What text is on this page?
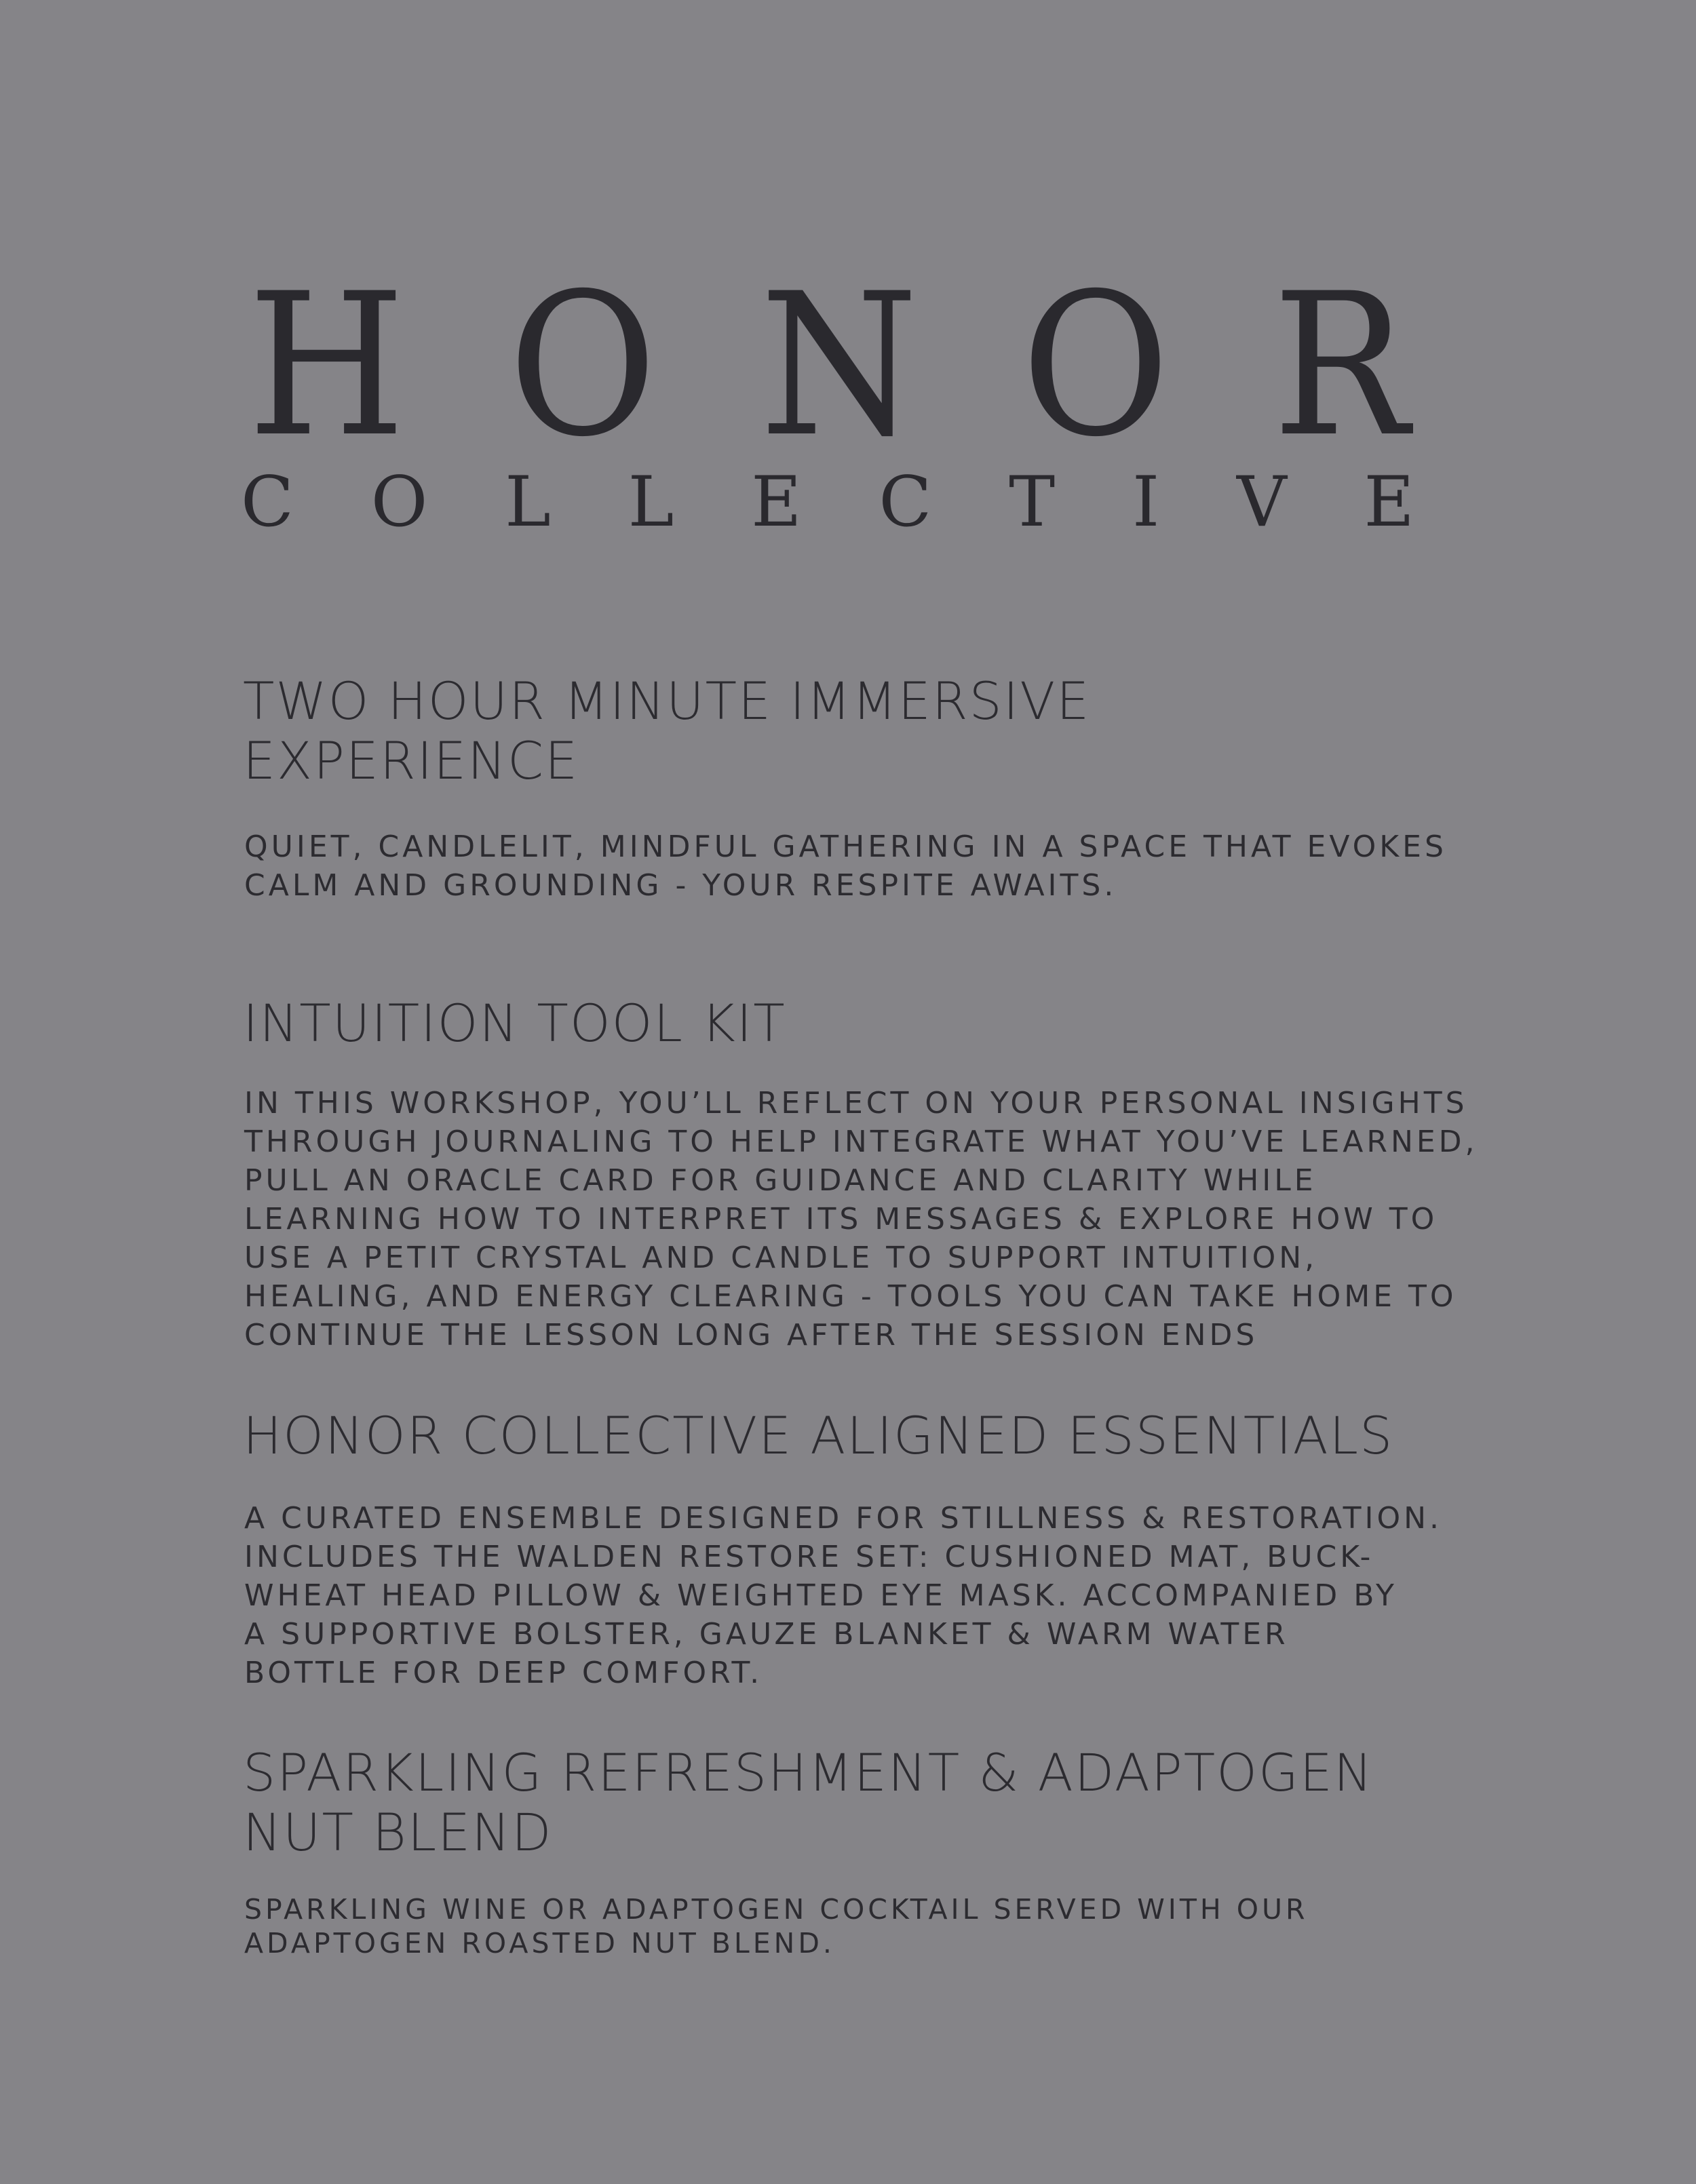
H O N O R
C O L L E C T I V E
TWO HOUR MINUTE IMMERSIVE
EXPERIENCE

QUIET, CANDLELIT, MINDFUL GATHERING IN A SPACE THAT EVOKES
CALM AND GROUNDING - YOUR RESPITE AWAITS.

INTUITION TOOL KIT

IN THIS WORKSHOP, YOU’LL REFLECT ON YOUR PERSONAL INSIGHTS
THROUGH JOURNALING TO HELP INTEGRATE WHAT YOU’VE LEARNED,
PULL AN ORACLE CARD FOR GUIDANCE AND CLARITY WHILE
LEARNING HOW TO INTERPRET ITS MESSAGES & EXPLORE HOW TO
USE A PETIT CRYSTAL AND CANDLE TO SUPPORT INTUITION,
HEALING, AND ENERGY CLEARING - TOOLS YOU CAN TAKE HOME TO
CONTINUE THE LESSON LONG AFTER THE SESSION ENDS

HONOR COLLECTIVE ALIGNED ESSENTIALS

A CURATED ENSEMBLE DESIGNED FOR STILLNESS & RESTORATION.
INCLUDES THE WALDEN RESTORE SET: CUSHIONED MAT, BUCK-
WHEAT HEAD PILLOW & WEIGHTED EYE MASK. ACCOMPANIED BY
A SUPPORTIVE BOLSTER, GAUZE BLANKET & WARM WATER
BOTTLE FOR DEEP COMFORT.

SPARKLING REFRESHMENT & ADAPTOGEN
NUT BLEND

SPARKLING WINE OR ADAPTOGEN COCKTAIL SERVED WITH OUR
ADAPTOGEN ROASTED NUT BLEND.
